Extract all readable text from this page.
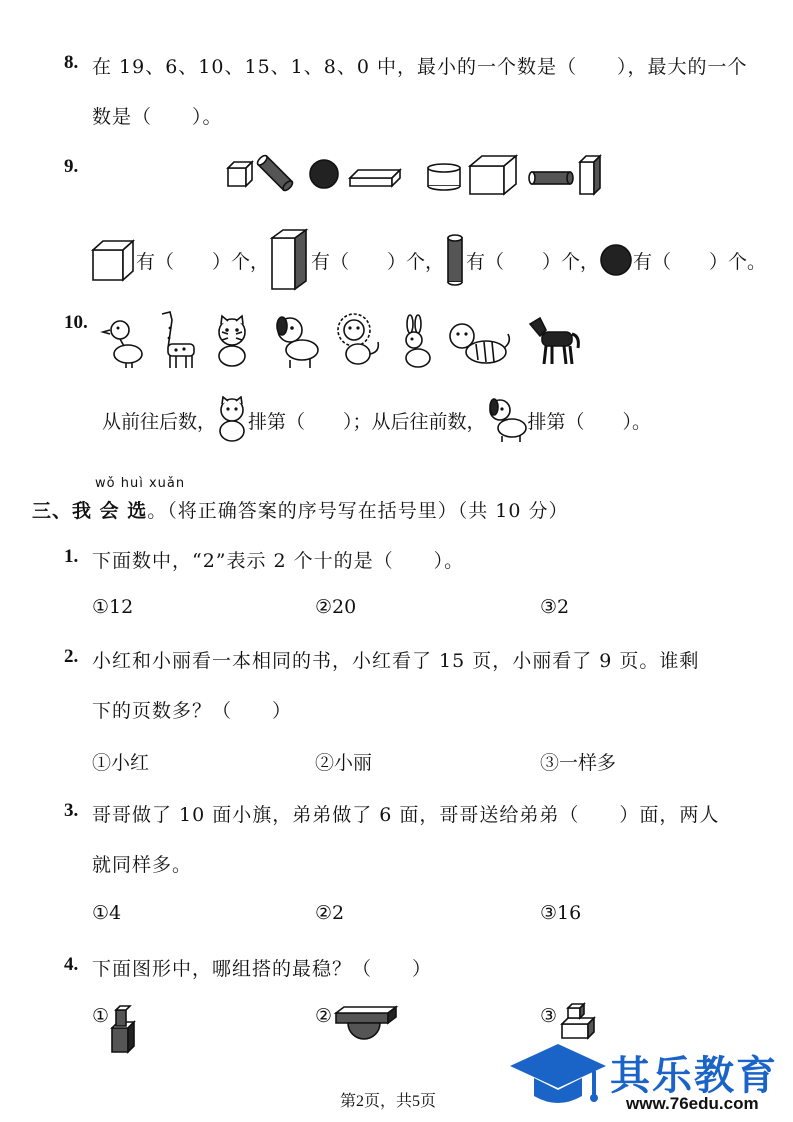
8. 在 19、6、10、15、1、8、0 中，最小的一个数是（　　），最大的一个
数是（　　）。
9.
有（　　）个， 有（　　）个， 有（　　）个， 有（　　）个。
10.
从前往后数， 排第（　　）；从后往前数， 排第（　　）。
wǒ huì xuǎn
三、我 会 选。（将正确答案的序号写在括号里）（共 10 分）
1. 下面数中，“2”表示 2 个十的是（　　）。
①12	②20	③2
2. 小红和小丽看一本相同的书，小红看了 15 页，小丽看了 9 页。谁剩
下的页数多？（　　）
①小红	②小丽	③一样多
3. 哥哥做了 10 面小旗，弟弟做了 6 面，哥哥送给弟弟（　　）面，两人
就同样多。
①4	②2	③16
4. 下面图形中，哪组搭的最稳？（　　）
①	②	③
第2页，共5页
其乐教育
www.76edu.com
